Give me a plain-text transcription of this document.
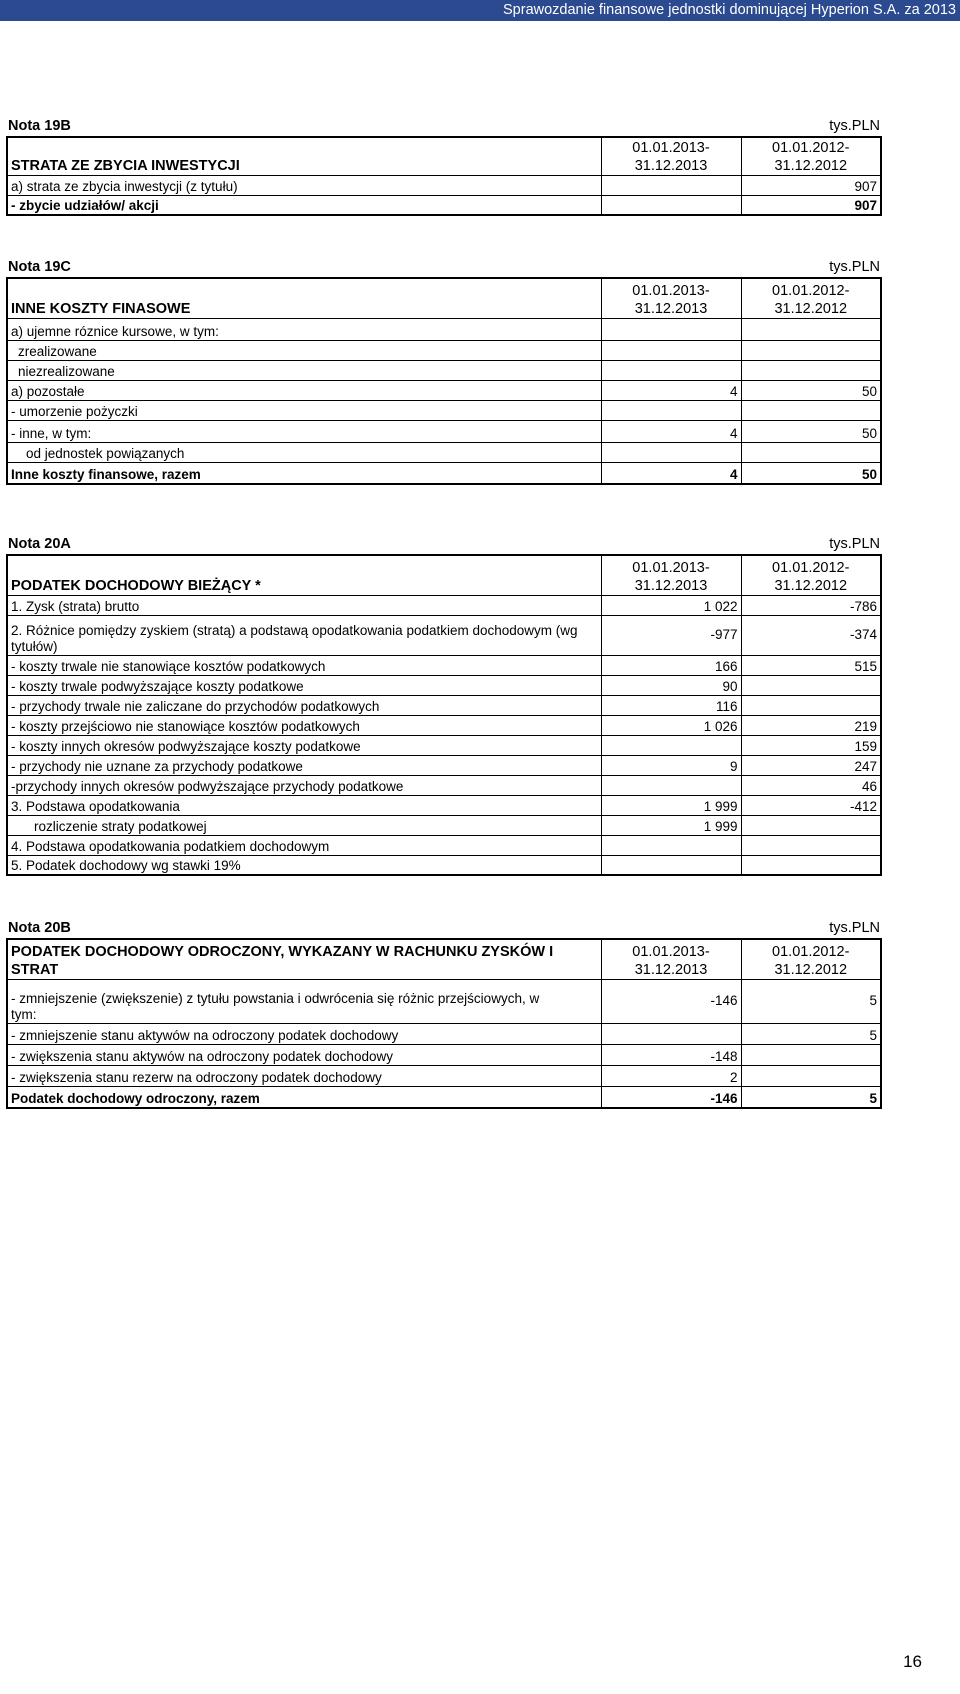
Sprawozdanie finansowe jednostki dominującej Hyperion S.A. za 2013
Nota 19B	tys.PLN
STRATA ZE ZBYCIA INWESTYCJI	01.01.2013-
31.12.2013	01.01.2012-
31.12.2012
a) strata ze zbycia inwestycji (z tytułu)		907
- zbycie udziałów/ akcji		907
Nota 19C	tys.PLN
INNE KOSZTY FINASOWE	01.01.2013-
31.12.2013	01.01.2012-
31.12.2012
a) ujemne róznice kursowe, w tym:		
zrealizowane		
niezrealizowane		
a) pozostałe	4	50
- umorzenie pożyczki		
- inne, w tym:	4	50
od jednostek powiązanych		
Inne koszty finansowe, razem	4	50
Nota 20A	tys.PLN
PODATEK DOCHODOWY BIEŻĄCY *	01.01.2013-
31.12.2013	01.01.2012-
31.12.2012
1. Zysk (strata) brutto	1 022	-786
2. Różnice pomiędzy zyskiem (stratą) a podstawą opodatkowania podatkiem dochodowym (wg tytułów)	-977	-374
- koszty trwale nie stanowiące kosztów podatkowych	166	515
- koszty trwale podwyższające koszty podatkowe	90	
- przychody trwale nie zaliczane do przychodów podatkowych	116	
- koszty przejściowo nie stanowiące kosztów podatkowych	1 026	219
- koszty innych okresów podwyższające koszty podatkowe		159
- przychody nie uznane za przychody podatkowe	9	247
-przychody innych okresów podwyższające przychody podatkowe		46
3. Podstawa opodatkowania	1 999	-412
rozliczenie straty podatkowej	1 999	
4. Podstawa opodatkowania podatkiem dochodowym		
5. Podatek dochodowy wg stawki 19%		
Nota 20B	tys.PLN
PODATEK DOCHODOWY ODROCZONY, WYKAZANY W RACHUNKU ZYSKÓW I STRAT	01.01.2013-
31.12.2013	01.01.2012-
31.12.2012
- zmniejszenie (zwiększenie) z tytułu powstania i odwrócenia się różnic przejściowych, w tym:	-146	5
- zmniejszenie stanu aktywów na odroczony podatek dochodowy		5
- zwiększenia stanu aktywów na odroczony podatek dochodowy	-148	
- zwiększenia stanu rezerw na odroczony podatek dochodowy	2	
Podatek dochodowy odroczony, razem	-146	5
16
